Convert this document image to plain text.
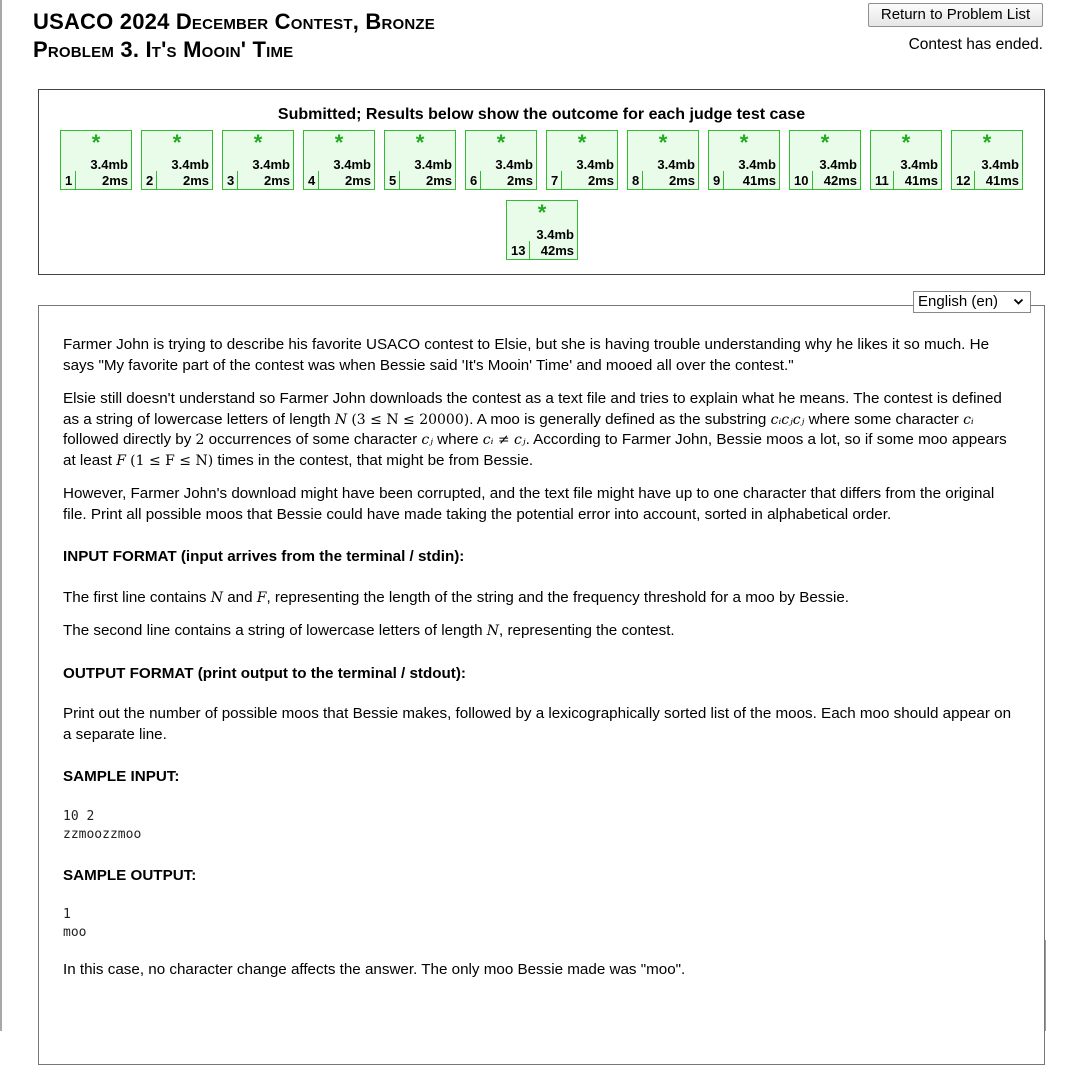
USACO 2024 December Contest, Bronze
Problem 3. It's Mooin' Time
Return to Problem List
Contest has ended.
Submitted; Results below show the outcome for each judge test case
*
3.4mb
1 2ms
*
3.4mb
2 2ms
*
3.4mb
3 2ms
*
3.4mb
4 2ms
*
3.4mb
5 2ms
*
3.4mb
6 2ms
*
3.4mb
7 2ms
*
3.4mb
8 2ms
*
3.4mb
9 41ms
*
3.4mb
10 42ms
*
3.4mb
11 41ms
*
3.4mb
12 41ms
*
3.4mb
13 42ms
English (en)

Farmer John is trying to describe his favorite USACO contest to Elsie, but she is having trouble understanding why he likes it so much. He says "My favorite part of the contest was when Bessie said 'It's Mooin' Time' and mooed all over the contest."

Elsie still doesn't understand so Farmer John downloads the contest as a text file and tries to explain what he means. The contest is defined as a string of lowercase letters of length N (3 ≤ N ≤ 20000). A moo is generally defined as the substring cᵢcⱼcⱼ where some character cᵢ followed directly by 2 occurrences of some character cⱼ where cᵢ ≠ cⱼ. According to Farmer John, Bessie moos a lot, so if some moo appears at least F (1 ≤ F ≤ N) times in the contest, that might be from Bessie.

However, Farmer John's download might have been corrupted, and the text file might have up to one character that differs from the original file. Print all possible moos that Bessie could have made taking the potential error into account, sorted in alphabetical order.

INPUT FORMAT (input arrives from the terminal / stdin):

The first line contains N and F, representing the length of the string and the frequency threshold for a moo by Bessie.

The second line contains a string of lowercase letters of length N, representing the contest.

OUTPUT FORMAT (print output to the terminal / stdout):

Print out the number of possible moos that Bessie makes, followed by a lexicographically sorted list of the moos. Each moo should appear on a separate line.

SAMPLE INPUT:
10 2
zzmoozzmoo
SAMPLE OUTPUT:
1
moo

In this case, no character change affects the answer. The only moo Bessie made was "moo".
